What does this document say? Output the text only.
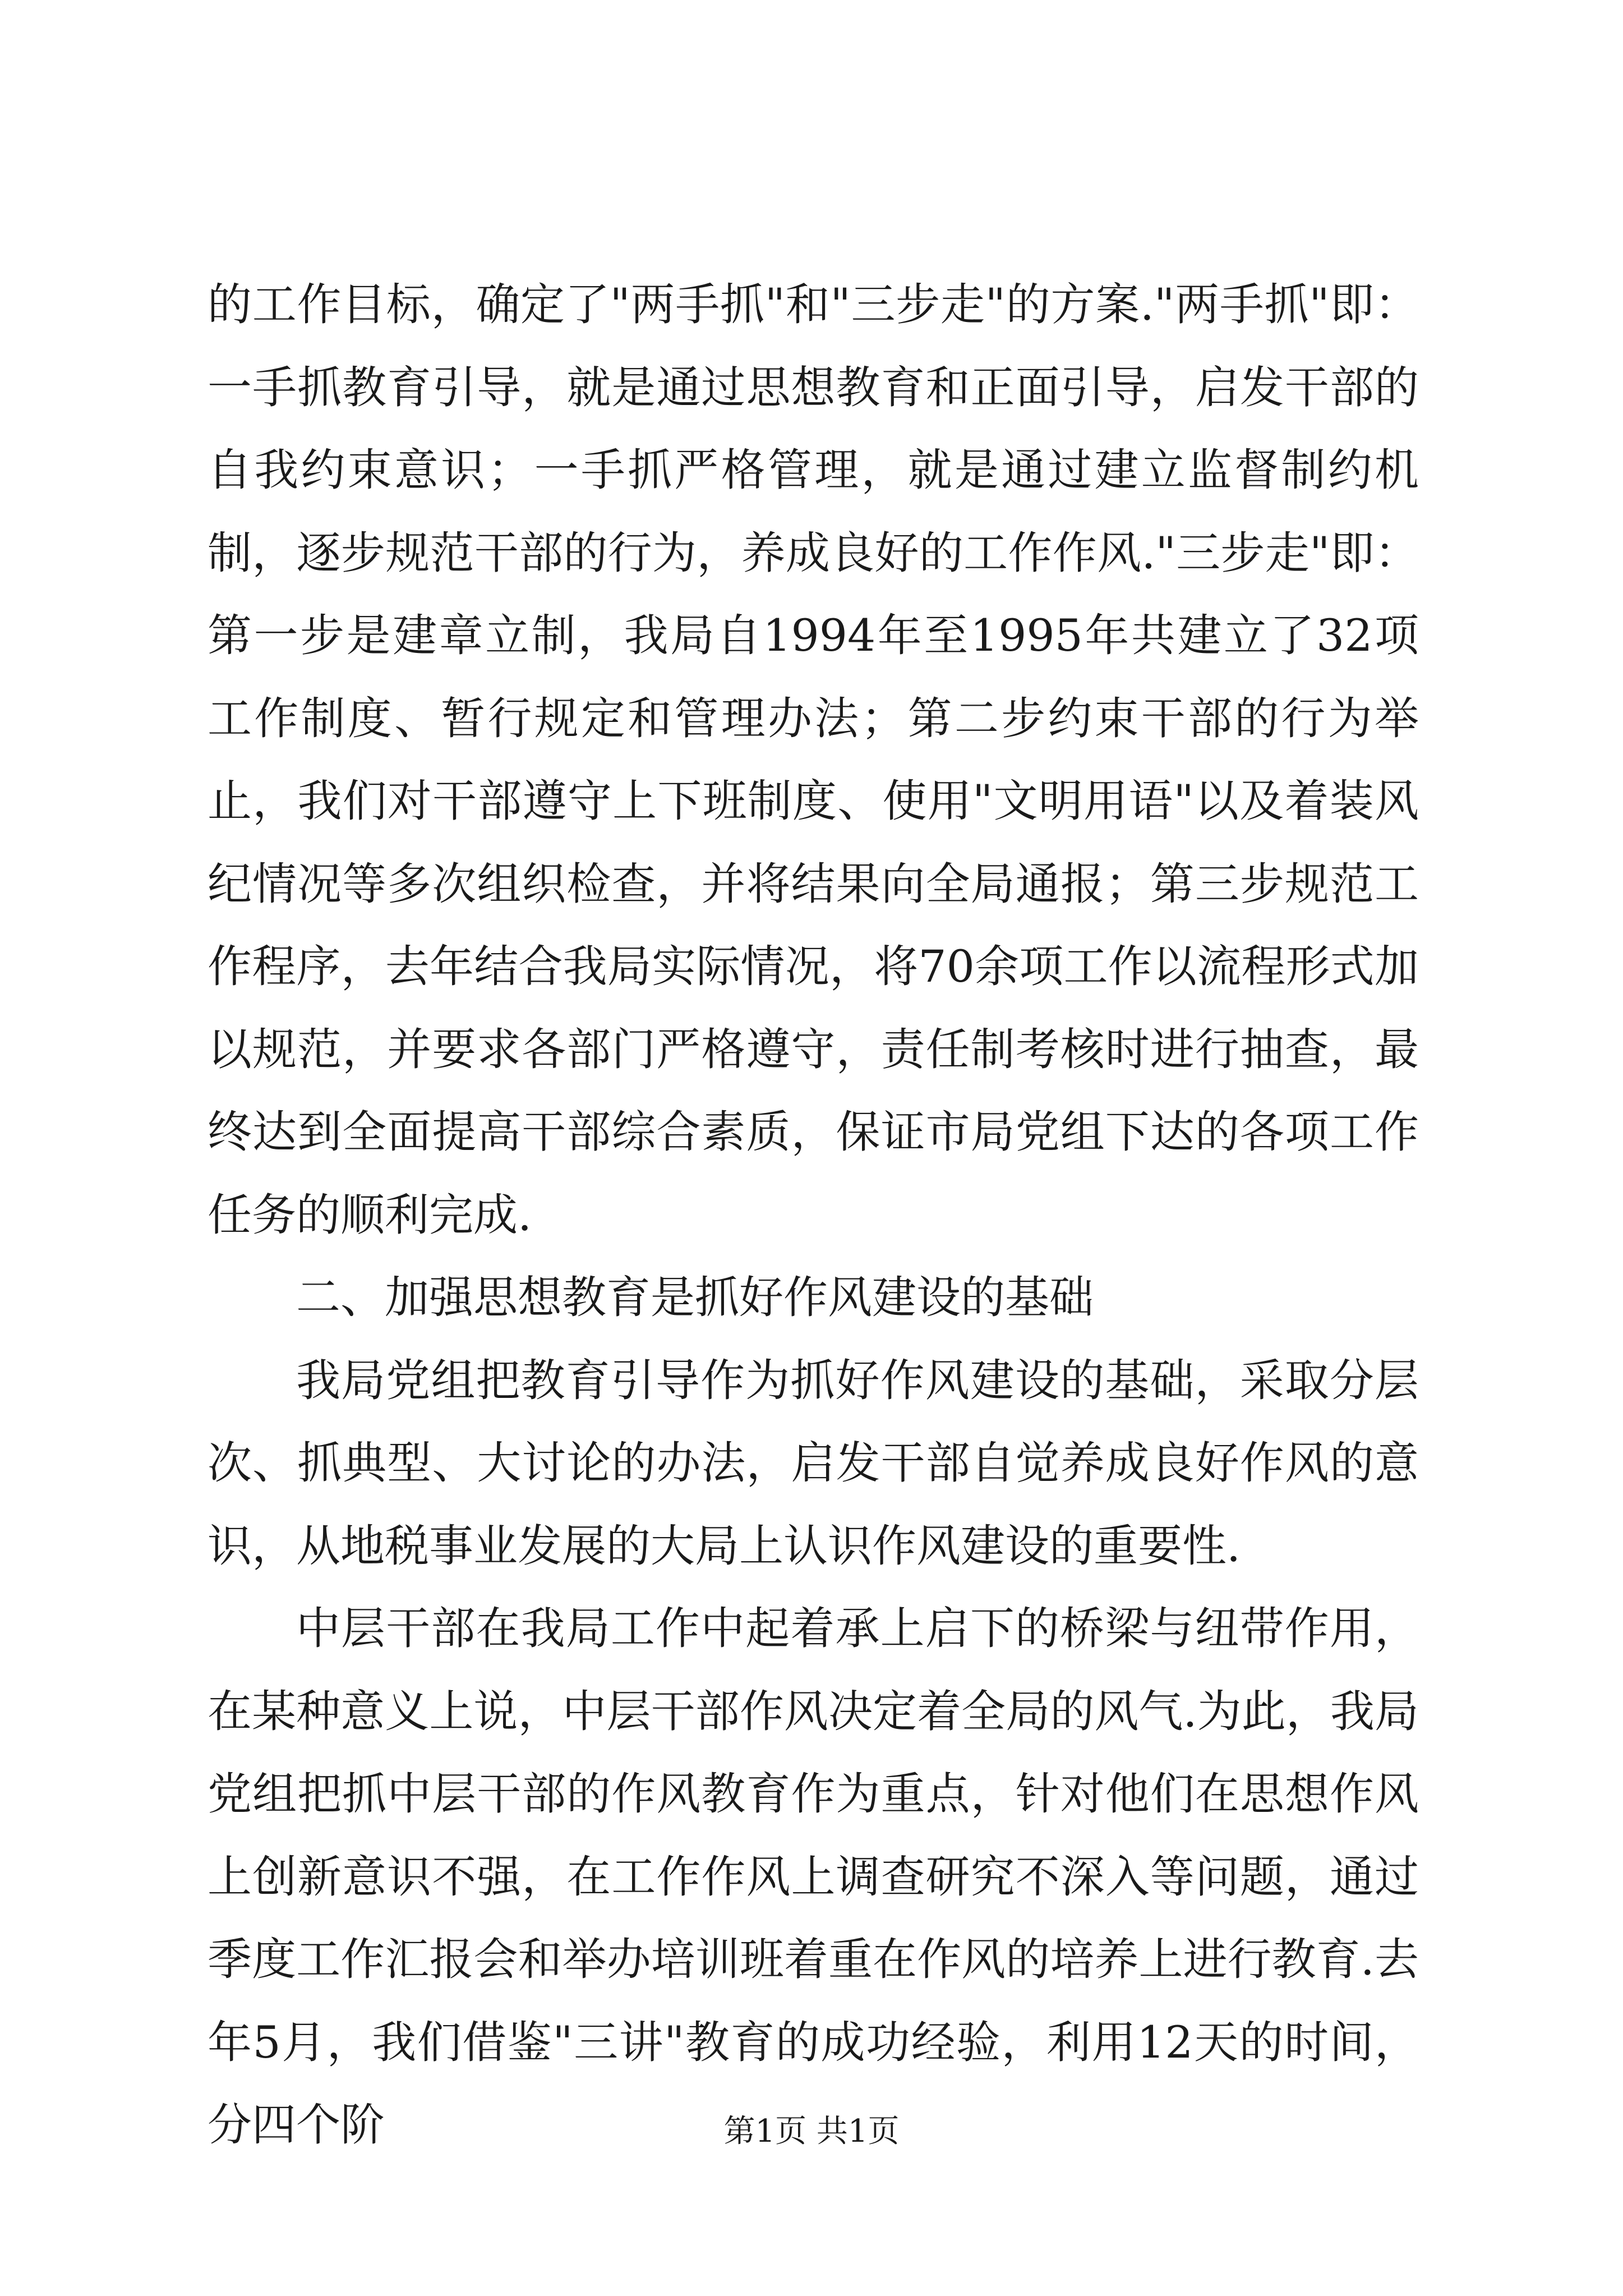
的工作目标，确定了"两手抓"和"三步走"的方案."两手抓"即：一手抓教育引导，就是通过思想教育和正面引导，启发干部的自我约束意识；一手抓严格管理，就是通过建立监督制约机制，逐步规范干部的行为，养成良好的工作作风."三步走"即：第一步是建章立制，我局自1994年至1995年共建立了32项工作制度、暂行规定和管理办法；第二步约束干部的行为举止，我们对干部遵守上下班制度、使用"文明用语"以及着装风纪情况等多次组织检查，并将结果向全局通报；第三步规范工作程序，去年结合我局实际情况，将70余项工作以流程形式加以规范，并要求各部门严格遵守，责任制考核时进行抽查，最终达到全面提高干部综合素质，保证市局党组下达的各项工作任务的顺利完成.

二、加强思想教育是抓好作风建设的基础

我局党组把教育引导作为抓好作风建设的基础，采取分层次、抓典型、大讨论的办法，启发干部自觉养成良好作风的意识，从地税事业发展的大局上认识作风建设的重要性.

中层干部在我局工作中起着承上启下的桥梁与纽带作用，在某种意义上说，中层干部作风决定着全局的风气.为此，我局党组把抓中层干部的作风教育作为重点，针对他们在思想作风上创新意识不强，在工作作风上调查研究不深入等问题，通过季度工作汇报会和举办培训班着重在作风的培养上进行教育.去年5月，我们借鉴"三讲"教育的成功经验，利用12天的时间，分四个阶	第1页 共1页
